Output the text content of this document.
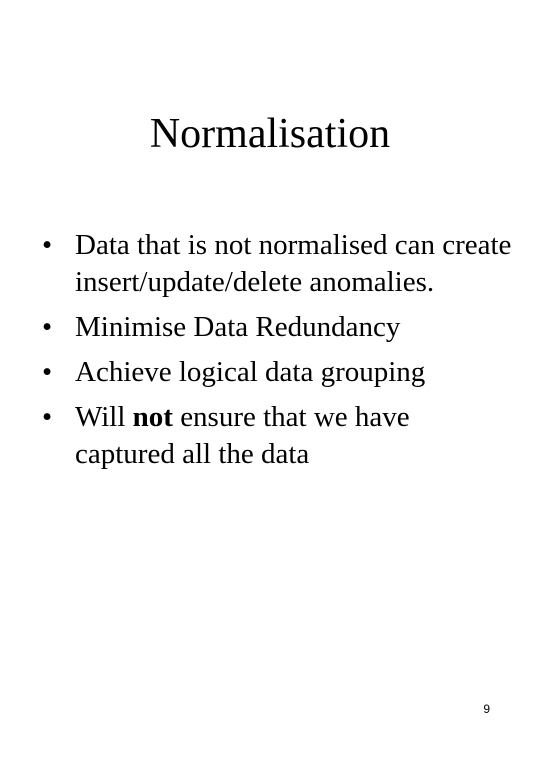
Normalisation
• Data that is not normalised can create insert/update/delete anomalies.
• Minimise Data Redundancy
• Achieve logical data grouping
• Will not ensure that we have captured all the data
9
